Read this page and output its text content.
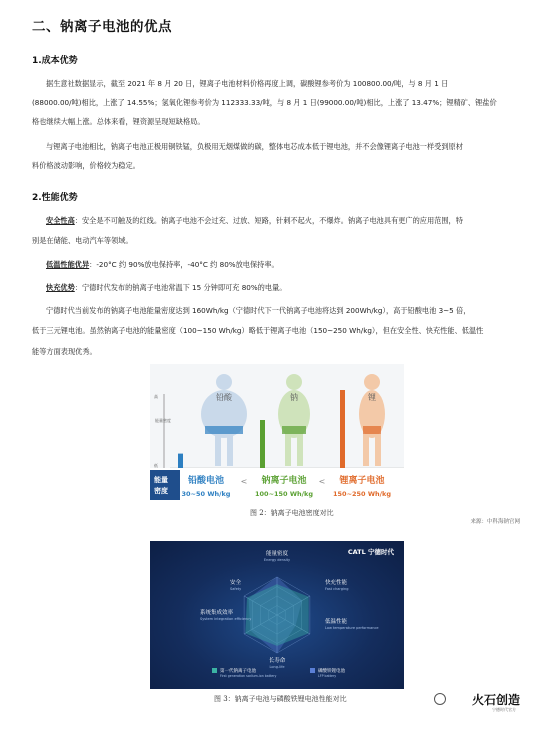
二、钠离子电池的优点
1.成本优势
据生意社数据显示，截至 2021 年 8 月 20 日，锂离子电池材料价格再度上调，碳酸锂参考价为 100800.00/吨，与 8 月 1 日
(88000.00/吨)相比，上涨了 14.55%；氢氧化锂参考价为 112333.33/吨，与 8 月 1 日(99000.00/吨)相比，上涨了 13.47%；锂精矿、锂盐价
格也继续大幅上涨。总体来看，锂资源呈现短缺格局。
与锂离子电池相比，钠离子电池正极用铜铁锰，负极用无烟煤做的碳，整体电芯成本低于锂电池，并不会像锂离子电池一样受到原材
料价格波动影响，价格较为稳定。
2.性能优势
安全性高：安全是不可触及的红线。钠离子电池不会过充、过放、短路，针刺不起火，不爆炸。钠离子电池具有更广的应用范围，特
别是在储能、电动汽车等领域。
低温性能优异：-20°C 约 90%放电保持率，-40°C 约 80%放电保持率。
快充优势：宁德时代发布的钠离子电池常温下 15 分钟即可充 80%的电量。
宁德时代当前发布的钠离子电池能量密度达到 160Wh/kg（宁德时代下一代钠离子电池将达到 200Wh/kg），高于铅酸电池 3~5 倍，
低于三元锂电池。虽然钠离子电池的能量密度（100~150 Wh/kg）略低于锂离子电池（150~250 Wh/kg），但在安全性、快充性能、低温性
能等方面表现优秀。
高
低
能量密度
铅酸	钠	锂
能量
密度
铅酸电池
30~50 Wh/kg
< 钠离子电池
100~150 Wh/kg
< 锂离子电池
150~250 Wh/kg
图 2：钠离子电池密度对比
来源：中科海钠官网
CATL 宁德时代
能量密度
Energy density
快充性能
Fast charging
低温性能
Low temperature performance
长寿命
Long-life
系统集成效率
System integration efficiency
安全
Safety
第一代钠离子电池
First generation sodium-ion battery
磷酸铁锂电池
LFP battery
图 3：钠离子电池与磷酸铁锂电池性能对比	火石创造
宁德时代官方
